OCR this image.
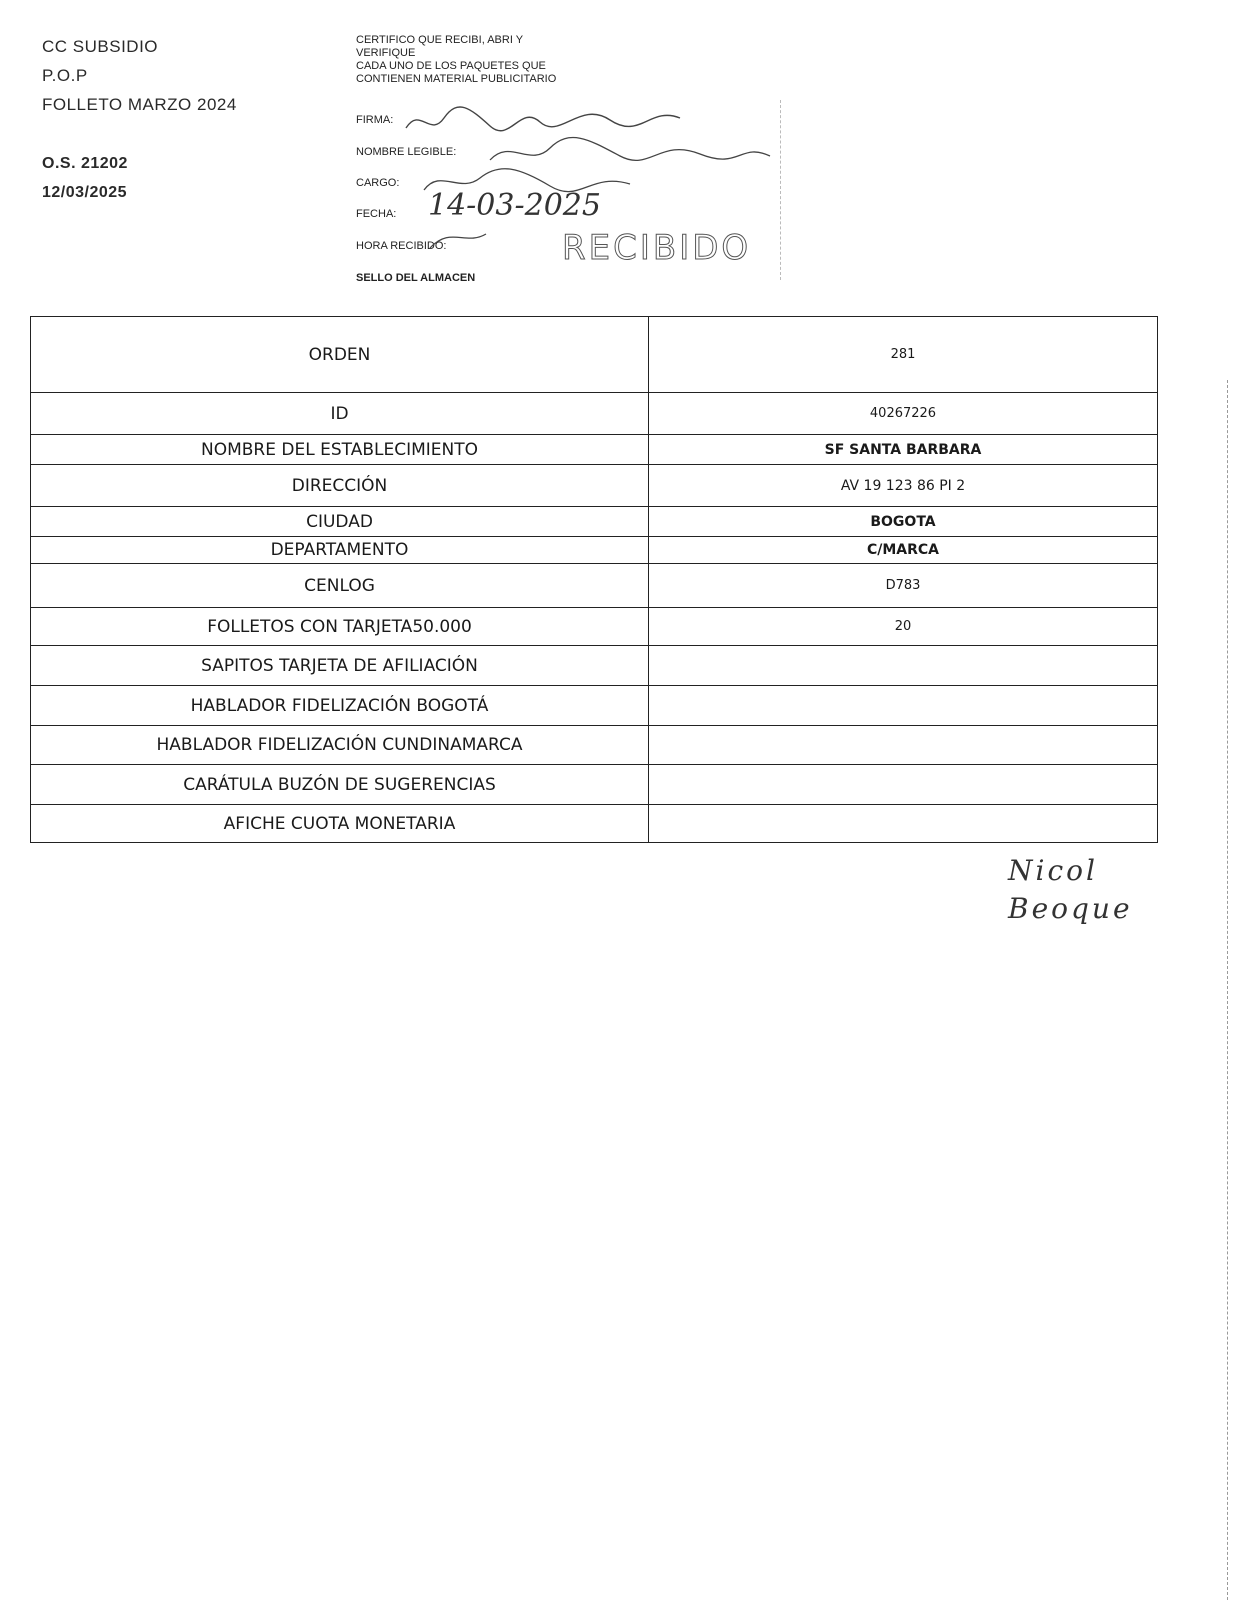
CC SUBSIDIO
P.O.P
FOLLETO MARZO 2024
O.S. 21202
12/03/2025
CERTIFICO QUE RECIBI, ABRI Y
VERIFIQUE
CADA UNO DE LOS PAQUETES QUE
CONTIENEN MATERIAL PUBLICITARIO
FIRMA:
NOMBRE LEGIBLE:
CARGO:
FECHA:
HORA RECIBIDO:
14-03-2025
RECIBIDO
SELLO DEL ALMACEN
ORDEN	281
ID	40267226
NOMBRE DEL ESTABLECIMIENTO	SF SANTA BARBARA
DIRECCIÓN	AV 19 123 86 PI 2
CIUDAD	BOGOTA
DEPARTAMENTO	C/MARCA
CENLOG	D783
FOLLETOS CON TARJETA50.000	20
SAPITOS TARJETA DE AFILIACIÓN	
HABLADOR FIDELIZACIÓN BOGOTÁ	
HABLADOR FIDELIZACIÓN CUNDINAMARCA	
CARÁTULA BUZÓN DE SUGERENCIAS	
AFICHE CUOTA MONETARIA	
Nicol
Beoque
